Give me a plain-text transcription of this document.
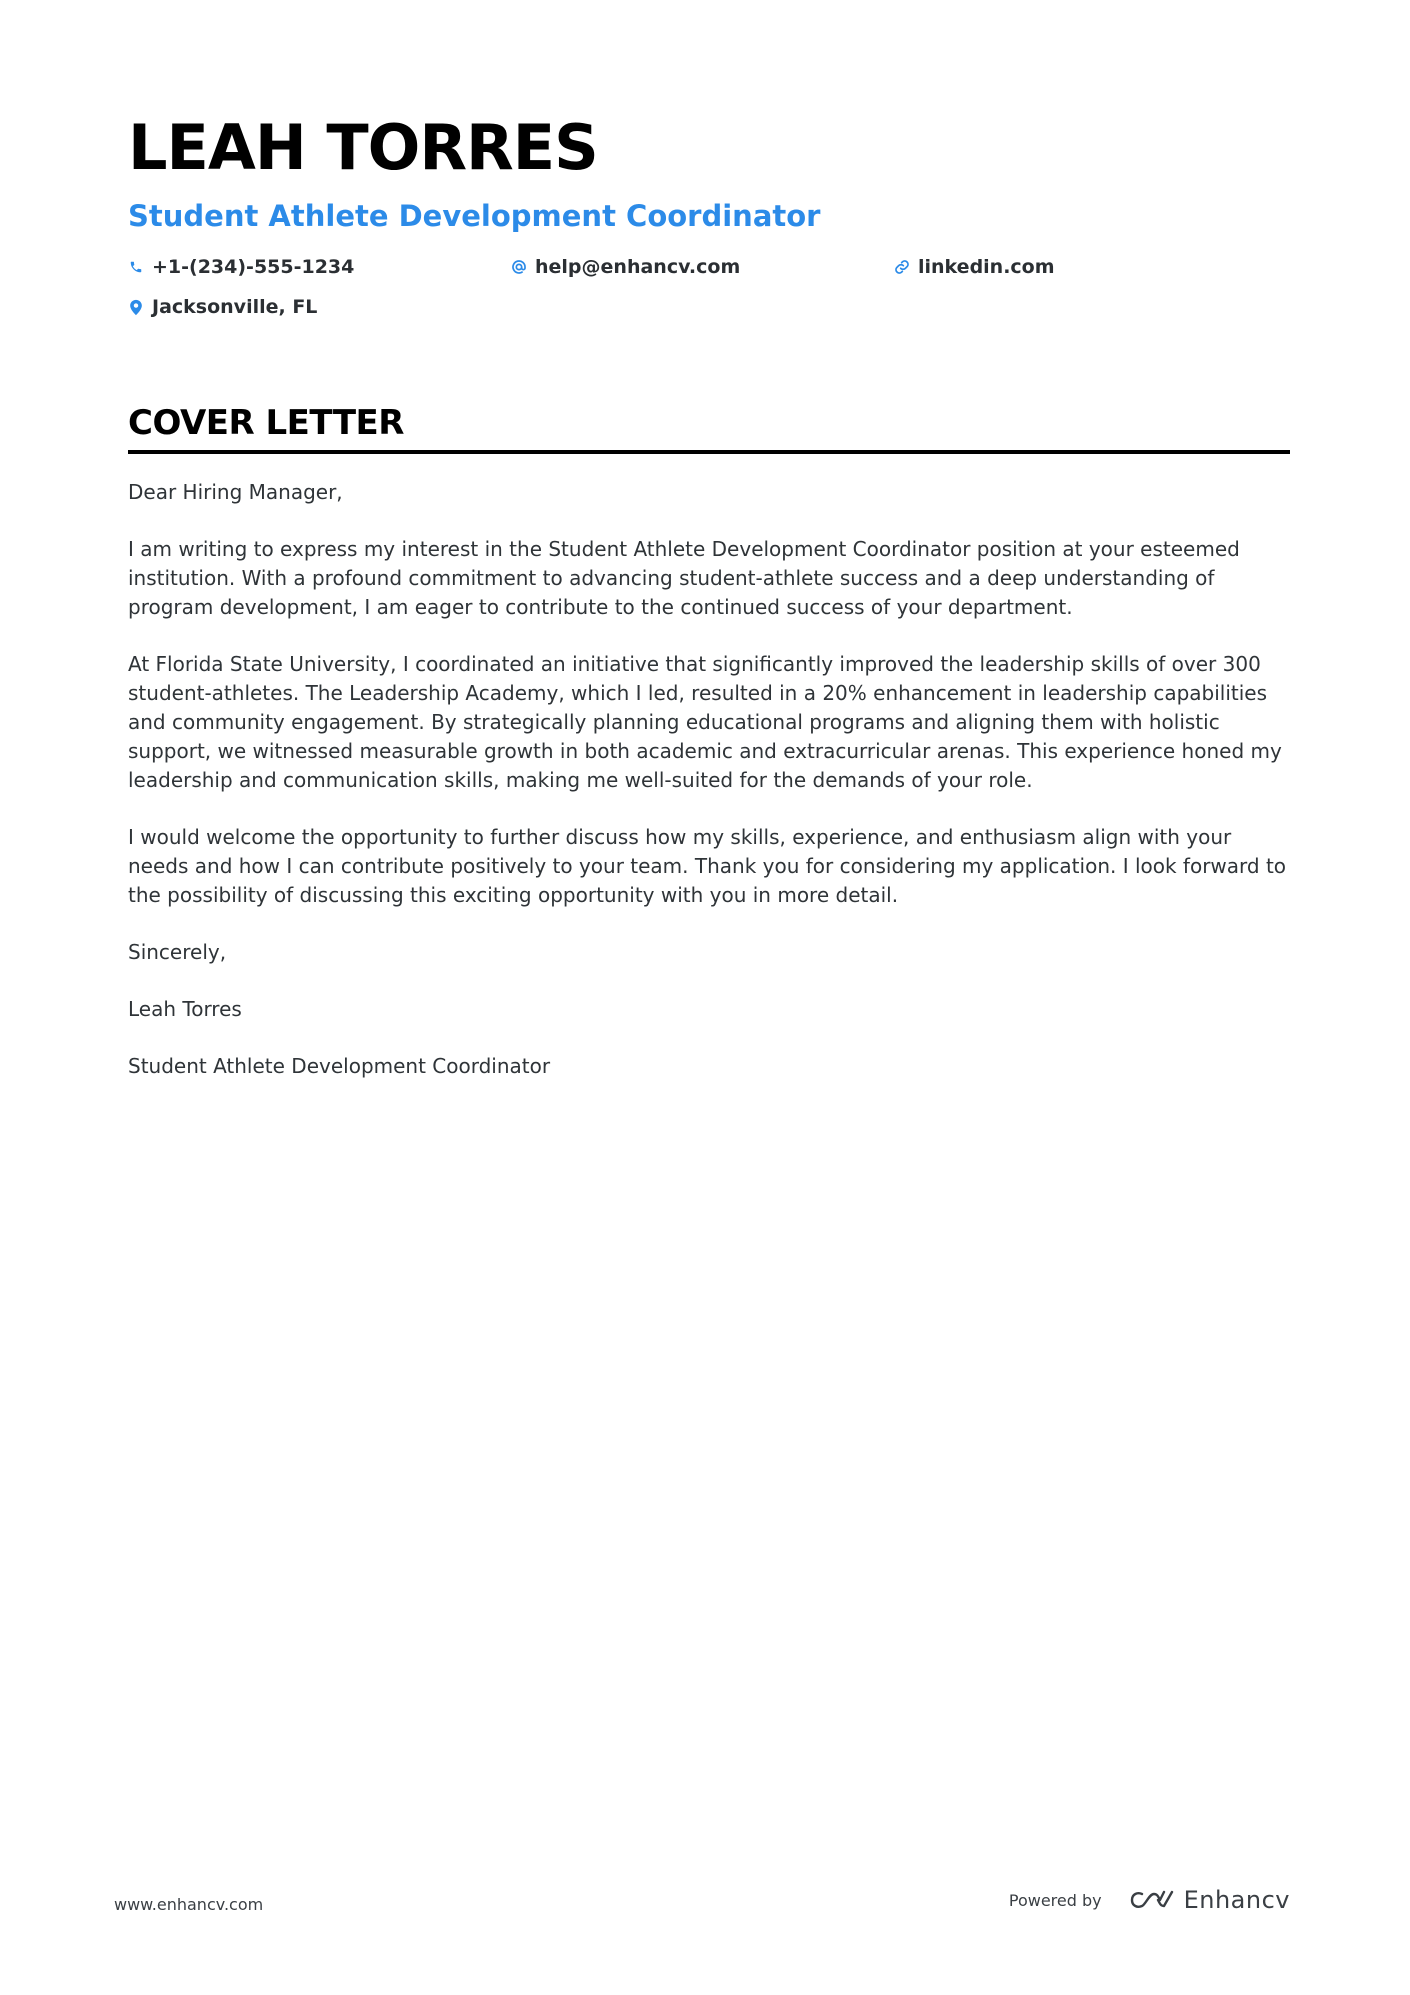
LEAH TORRES
Student Athlete Development Coordinator
+1-(234)-555-1234	help@enhancv.com	linkedin.com
Jacksonville, FL
COVER LETTER

Dear Hiring Manager,

I am writing to express my interest in the Student Athlete Development Coordinator position at your esteemed institution. With a profound commitment to advancing student-athlete success and a deep understanding of program development, I am eager to contribute to the continued success of your department.

At Florida State University, I coordinated an initiative that significantly improved the leadership skills of over 300 student-athletes. The Leadership Academy, which I led, resulted in a 20% enhancement in leadership capabilities and community engagement. By strategically planning educational programs and aligning them with holistic support, we witnessed measurable growth in both academic and extracurricular arenas. This experience honed my leadership and communication skills, making me well-suited for the demands of your role.

I would welcome the opportunity to further discuss how my skills, experience, and enthusiasm align with your needs and how I can contribute positively to your team. Thank you for considering my application. I look forward to the possibility of discussing this exciting opportunity with you in more detail.

Sincerely,

Leah Torres

Student Athlete Development Coordinator

www.enhancv.com	Powered by	Enhancv
